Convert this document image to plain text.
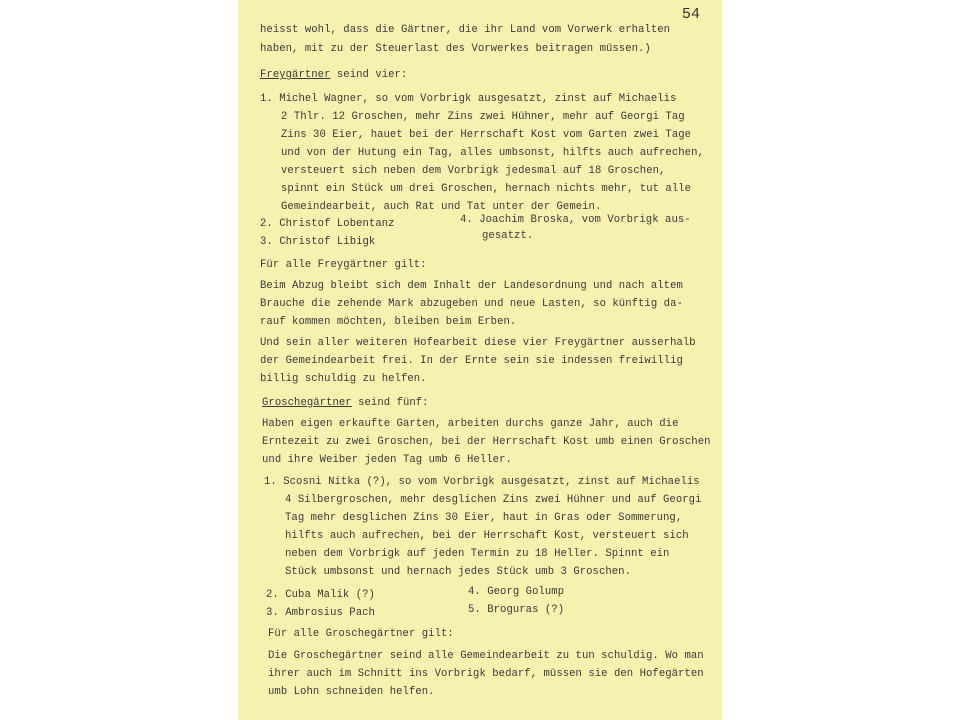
54
heisst wohl, dass die Gärtner, die ihr Land vom Vorwerk erhalten
haben, mit zu der Steuerlast des Vorwerkes beitragen müssen.)
Freygärtner seind vier:
1. Michel Wagner, so vom Vorbrigk ausgesatzt, zinst auf Michaelis
2 Thlr. 12 Groschen, mehr Zins zwei Hühner, mehr auf Georgi Tag
Zins 30 Eier, hauet bei der Herrschaft Kost vom Garten zwei Tage
und von der Hutung ein Tag, alles umbsonst, hilfts auch aufrechen,
versteuert sich neben dem Vorbrigk jedesmal auf 18 Groschen,
spinnt ein Stück um drei Groschen, hernach nichts mehr, tut alle
Gemeindearbeit, auch Rat und Tat unter der Gemein.
2. Christof Lobentanz	4. Joachim Broska, vom Vorbrigk aus-
3. Christof Libigk	gesatzt.
Für alle Freygärtner gilt:
Beim Abzug bleibt sich dem Inhalt der Landesordnung und nach altem
Brauche die zehende Mark abzugeben und neue Lasten, so künftig da-
rauf kommen möchten, bleiben beim Erben.
Und sein aller weiteren Hofearbeit diese vier Freygärtner ausserhalb
der Gemeindearbeit frei. In der Ernte sein sie indessen freiwillig
billig schuldig zu helfen.
Groschegärtner seind fünf:
Haben eigen erkaufte Garten, arbeiten durchs ganze Jahr, auch die
Erntezeit zu zwei Groschen, bei der Herrschaft Kost umb einen Groschen
und ihre Weiber jeden Tag umb 6 Heller.
1. Scosni Nitka (?), so vom Vorbrigk ausgesatzt, zinst auf Michaelis
4 Silbergroschen, mehr desglichen Zins zwei Hühner und auf Georgi
Tag mehr desglichen Zins 30 Eier, haut in Gras oder Sommerung,
hilfts auch aufrechen, bei der Herrschaft Kost, versteuert sich
neben dem Vorbrigk auf jeden Termin zu 18 Heller. Spinnt ein
Stück umbsonst und hernach jedes Stück umb 3 Groschen.
2. Cuba Malik (?)	4. Georg Golump
3. Ambrosius Pach	5. Broguras (?)
Für alle Groschegärtner gilt:
Die Groschegärtner seind alle Gemeindearbeit zu tun schuldig. Wo man
ihrer auch im Schnitt ins Vorbrigk bedarf, müssen sie den Hofegärten
umb Lohn schneiden helfen.
